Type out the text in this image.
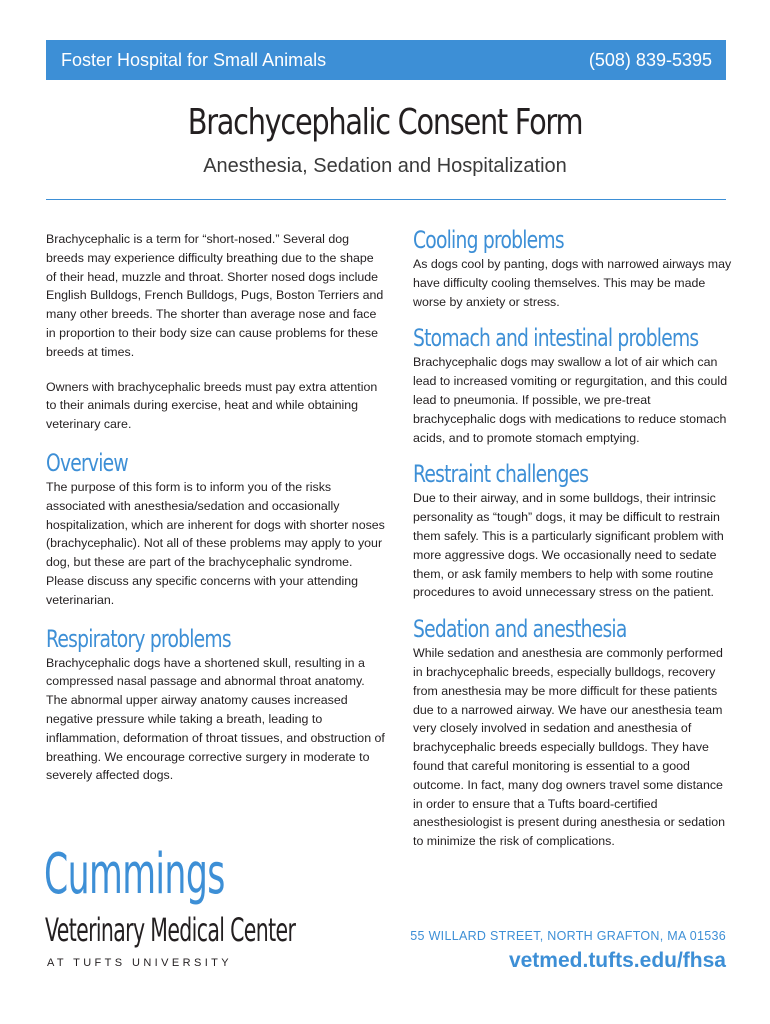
Foster Hospital for Small Animals	(508) 839-5395
Brachycephalic Consent Form
Anesthesia, Sedation and Hospitalization

Brachycephalic is a term for “short-nosed.” Several dog breeds may experience difficulty breathing due to the shape of their head, muzzle and throat. Shorter nosed dogs include English Bulldogs, French Bulldogs, Pugs, Boston Terriers and many other breeds. The shorter than average nose and face in proportion to their body size can cause problems for these breeds at times.

Owners with brachycephalic breeds must pay extra attention to their animals during exercise, heat and while obtaining veterinary care.

Overview

The purpose of this form is to inform you of the risks associated with anesthesia/sedation and occasionally hospitalization, which are inherent for dogs with shorter noses (brachycephalic). Not all of these problems may apply to your dog, but these are part of the brachycephalic syndrome. Please discuss any specific concerns with your attending veterinarian.

Respiratory problems

Brachycephalic dogs have a shortened skull, resulting in a compressed nasal passage and abnormal throat anatomy. The abnormal upper airway anatomy causes increased negative pressure while taking a breath, leading to inflammation, deformation of throat tissues, and obstruction of breathing. We encourage corrective surgery in moderate to severely affected dogs.

Cooling problems

As dogs cool by panting, dogs with narrowed airways may have difficulty cooling themselves. This may be made worse by anxiety or stress.

Stomach and intestinal problems

Brachycephalic dogs may swallow a lot of air which can lead to increased vomiting or regurgitation, and this could lead to pneumonia. If possible, we pre-treat brachycephalic dogs with medications to reduce stomach acids, and to promote stomach emptying.

Restraint challenges

Due to their airway, and in some bulldogs, their intrinsic personality as “tough” dogs, it may be difficult to restrain them safely. This is a particularly significant problem with more aggressive dogs. We occasionally need to sedate them, or ask family members to help with some routine procedures to avoid unnecessary stress on the patient.

Sedation and anesthesia

While sedation and anesthesia are commonly performed in brachycephalic breeds, especially bulldogs, recovery from anesthesia may be more difficult for these patients due to a narrowed airway. We have our anesthesia team very closely involved in sedation and anesthesia of brachycephalic breeds especially bulldogs. They have found that careful monitoring is essential to a good outcome. In fact, many dog owners travel some distance in order to ensure that a Tufts board-certified anesthesiologist is present during anesthesia or sedation to minimize the risk of complications.

Cummings
Veterinary Medical Center
AT TUFTS UNIVERSITY
55 WILLARD STREET, NORTH GRAFTON, MA 01536
vetmed.tufts.edu/fhsa
